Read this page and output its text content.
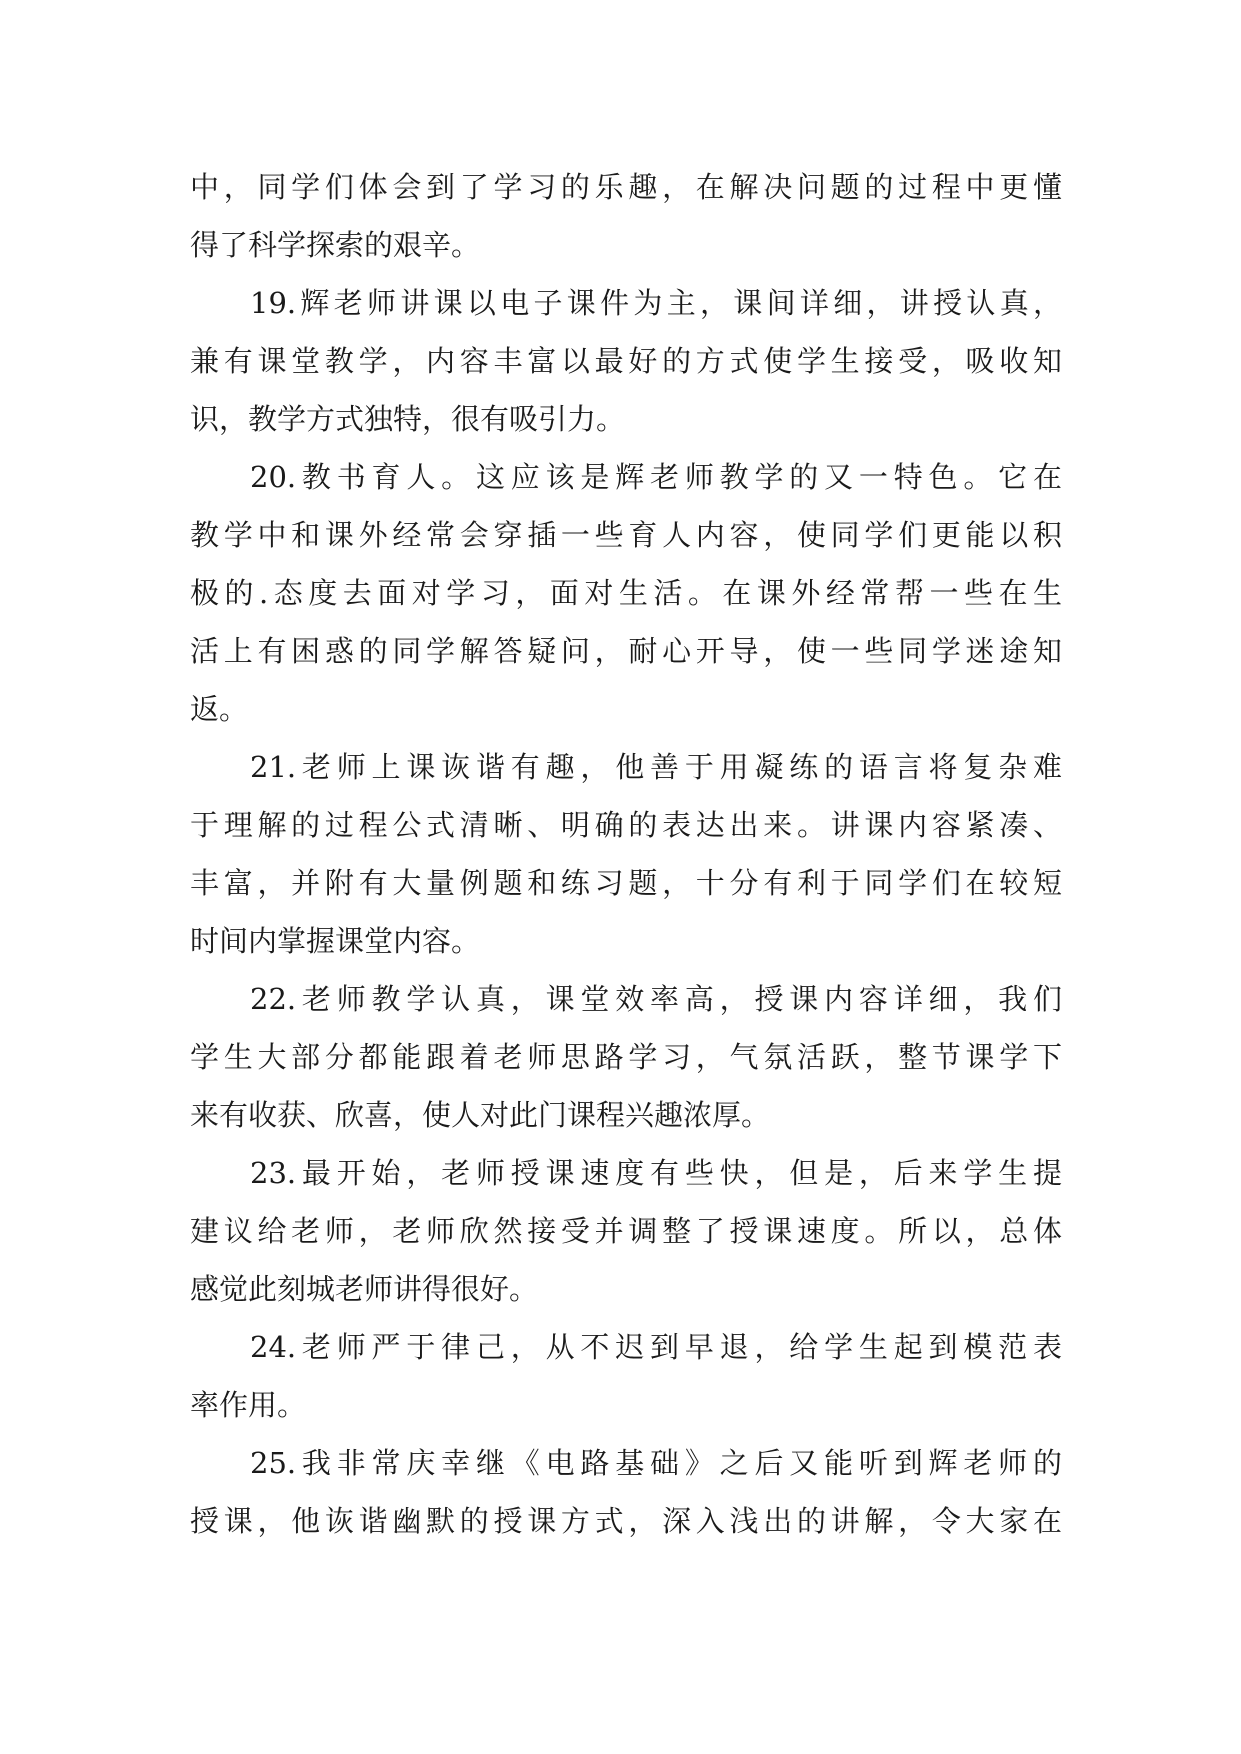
中，同学们体会到了学习的乐趣，在解决问题的过程中更懂
得了科学探索的艰辛。
19.辉老师讲课以电子课件为主，课间详细，讲授认真，
兼有课堂教学，内容丰富以最好的方式使学生接受，吸收知
识，教学方式独特，很有吸引力。
20.教书育人。这应该是辉老师教学的又一特色。它在
教学中和课外经常会穿插一些育人内容，使同学们更能以积
极的.态度去面对学习，面对生活。在课外经常帮一些在生
活上有困惑的同学解答疑问，耐心开导，使一些同学迷途知
返。
21.老师上课诙谐有趣，他善于用凝练的语言将复杂难
于理解的过程公式清晰、明确的表达出来。讲课内容紧凑、
丰富，并附有大量例题和练习题，十分有利于同学们在较短
时间内掌握课堂内容。
22.老师教学认真，课堂效率高，授课内容详细，我们
学生大部分都能跟着老师思路学习，气氛活跃，整节课学下
来有收获、欣喜，使人对此门课程兴趣浓厚。
23.最开始，老师授课速度有些快，但是，后来学生提
建议给老师，老师欣然接受并调整了授课速度。所以，总体
感觉此刻城老师讲得很好。
24.老师严于律己，从不迟到早退，给学生起到模范表
率作用。
25.我非常庆幸继《电路基础》之后又能听到辉老师的
授课，他诙谐幽默的授课方式，深入浅出的讲解，令大家在
